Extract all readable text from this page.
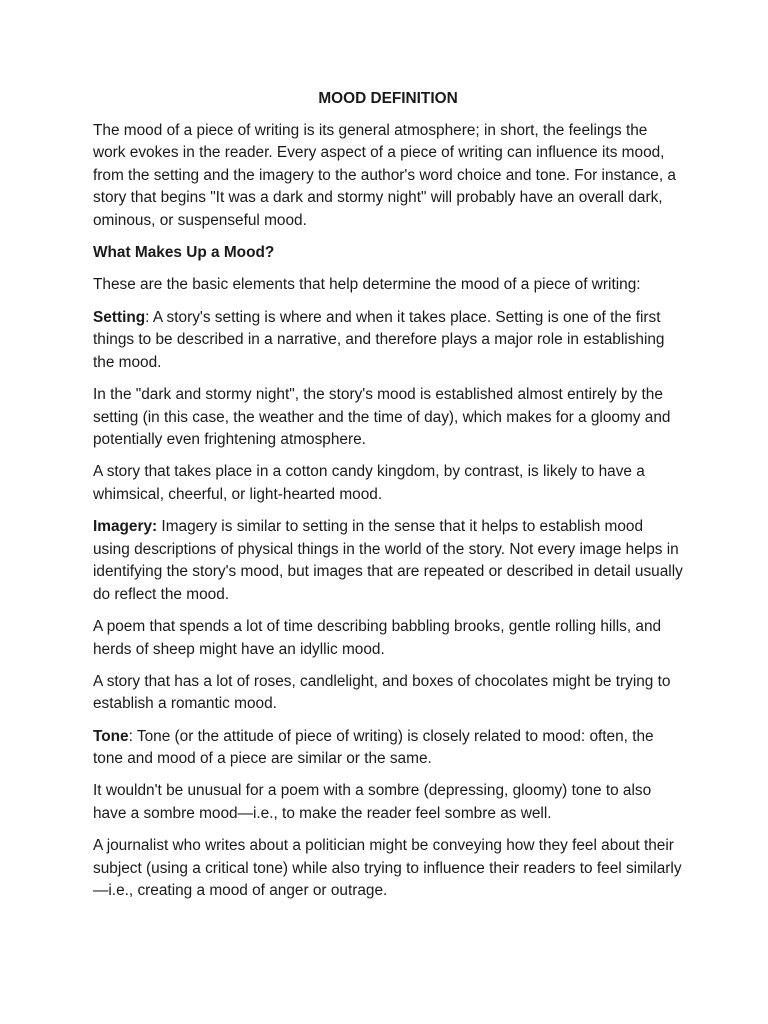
MOOD DEFINITION

The mood of a piece of writing is its general atmosphere; in short, the feelings the work evokes in the reader. Every aspect of a piece of writing can influence its mood, from the setting and the imagery to the author's word choice and tone. For instance, a story that begins "It was a dark and stormy night" will probably have an overall dark, ominous, or suspenseful mood.

What Makes Up a Mood?

These are the basic elements that help determine the mood of a piece of writing:

Setting: A story's setting is where and when it takes place. Setting is one of the first things to be described in a narrative, and therefore plays a major role in establishing the mood.

In the "dark and stormy night", the story's mood is established almost entirely by the setting (in this case, the weather and the time of day), which makes for a gloomy and potentially even frightening atmosphere.

A story that takes place in a cotton candy kingdom, by contrast, is likely to have a whimsical, cheerful, or light-hearted mood.

Imagery: Imagery is similar to setting in the sense that it helps to establish mood using descriptions of physical things in the world of the story. Not every image helps in identifying the story's mood, but images that are repeated or described in detail usually do reflect the mood.

A poem that spends a lot of time describing babbling brooks, gentle rolling hills, and herds of sheep might have an idyllic mood.

A story that has a lot of roses, candlelight, and boxes of chocolates might be trying to establish a romantic mood.

Tone: Tone (or the attitude of piece of writing) is closely related to mood: often, the tone and mood of a piece are similar or the same.

It wouldn't be unusual for a poem with a sombre (depressing, gloomy) tone to also have a sombre mood—i.e., to make the reader feel sombre as well.

A journalist who writes about a politician might be conveying how they feel about their subject (using a critical tone) while also trying to influence their readers to feel similarly—i.e., creating a mood of anger or outrage.
